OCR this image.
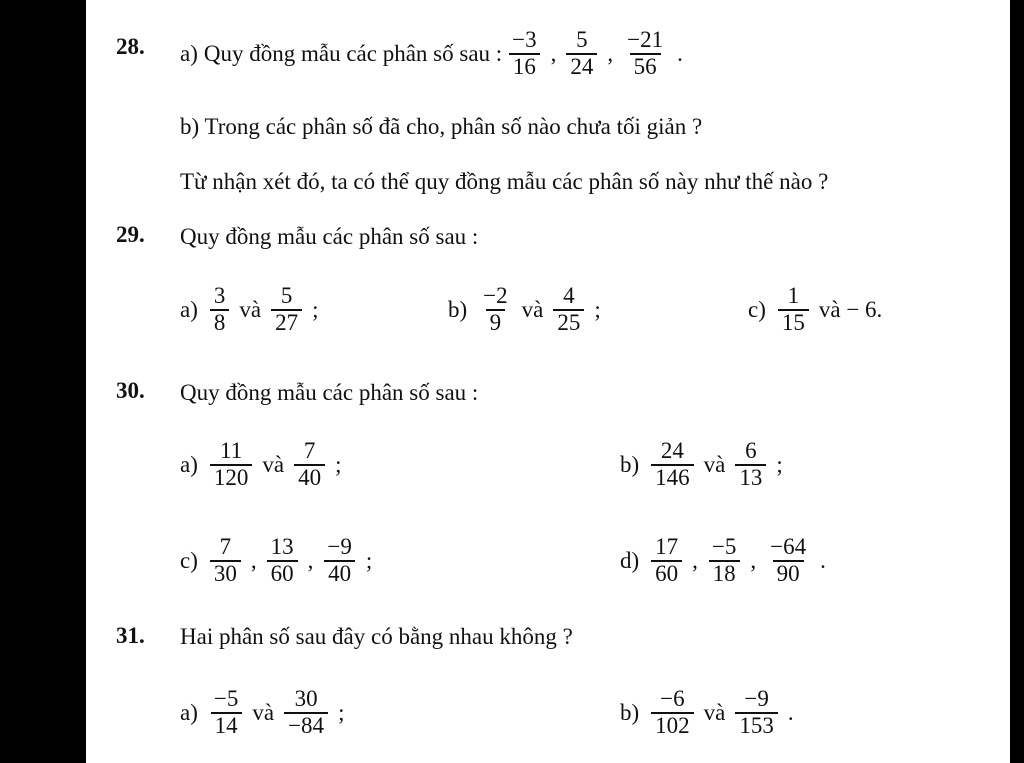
28. a) Quy đồng mẫu các phân số sau : $\frac{-3}{16}$ , $\frac{5}{24}$ , $\frac{-21}{56}$ .
b) Trong các phân số đã cho, phân số nào chưa tối giản ?
Từ nhận xét đó, ta có thể quy đồng mẫu các phân số này như thế nào ?
29. Quy đồng mẫu các phân số sau :
$a) \frac{3}{8}$ và $\frac{5}{27}$ ;	$b) \frac{-2}{9}$ và $\frac{4}{25}$ ;	$c) \frac{1}{15}$ và − 6.
30. Quy đồng mẫu các phân số sau :
$a) \frac{11}{120}$ và $\frac{7}{40}$ ;	$b) \frac{24}{146}$ và $\frac{6}{13}$ ;
$c) \frac{7}{30}$ , $\frac{13}{60}$ , $\frac{-9}{40}$ ;	$d) \frac{17}{60}$ , $\frac{-5}{18}$ , $\frac{-64}{90}$ .
31. Hai phân số sau đây có bằng nhau không ?
$a) \frac{-5}{14}$ và $\frac{30}{-84}$ ;	$b) \frac{-6}{102}$ và $\frac{-9}{153}$ .
